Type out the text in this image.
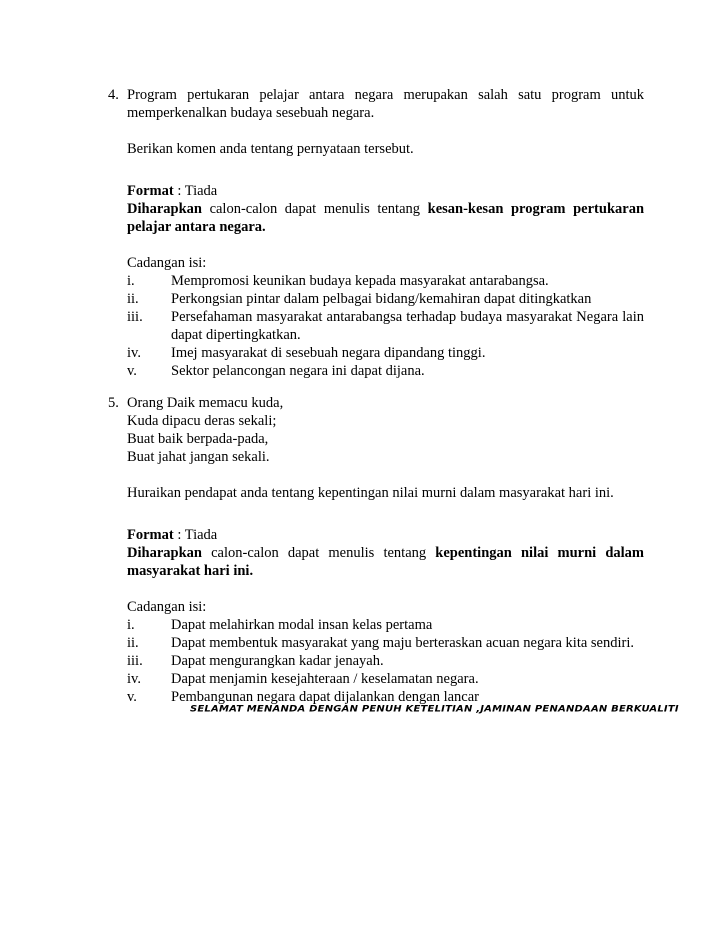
4. Program pertukaran pelajar antara negara merupakan salah satu program untuk
memperkenalkan budaya sesebuah negara.
Berikan komen anda tentang pernyataan tersebut.
Format : Tiada
Diharapkan calon-calon dapat menulis tentang kesan-kesan program pertukaran
pelajar antara negara.
Cadangan isi:
i.	Mempromosi keunikan budaya kepada masyarakat antarabangsa.
ii.	Perkongsian pintar dalam pelbagai bidang/kemahiran dapat ditingkatkan
iii.	Persefahaman masyarakat antarabangsa terhadap budaya masyarakat Negara lain
dapat dipertingkatkan.
iv.	Imej masyarakat di sesebuah negara dipandang tinggi.
v.	Sektor pelancongan negara ini dapat dijana.
5. Orang Daik memacu kuda,
Kuda dipacu deras sekali;
Buat baik berpada-pada,
Buat jahat jangan sekali.
Huraikan pendapat anda tentang kepentingan nilai murni dalam masyarakat hari ini.
Format : Tiada
Diharapkan calon-calon dapat menulis tentang kepentingan nilai murni dalam
masyarakat hari ini.
Cadangan isi:
i.	Dapat melahirkan modal insan kelas pertama
ii.	Dapat membentuk masyarakat yang maju berteraskan acuan negara kita sendiri.
iii.	Dapat mengurangkan kadar jenayah.
iv.	Dapat menjamin kesejahteraan / keselamatan negara.
v.	Pembangunan negara dapat dijalankan dengan lancar
SELAMAT MENANDA DENGAN PENUH KETELITIAN ,JAMINAN PENANDAAN BERKUALITI
